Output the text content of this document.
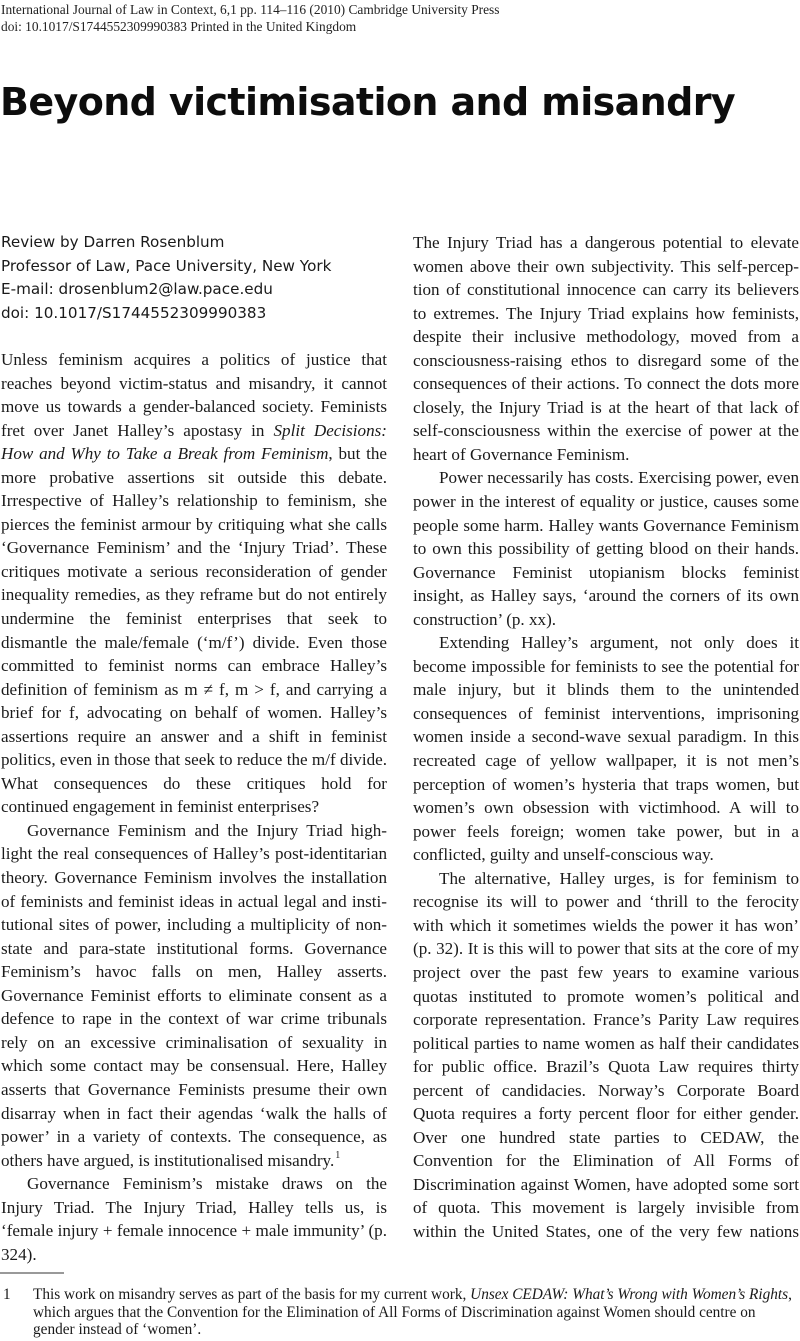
International Journal of Law in Context, 6,1 pp. 114–116 (2010) Cambridge University Press
doi: 10.1017/S1744552309990383 Printed in the United Kingdom
Beyond victimisation and misandry
Review by Darren Rosenblum
Professor of Law, Pace University, New York
E-mail: drosenblum2@law.pace.edu
doi: 10.1017/S1744552309990383

Unless feminism acquires a politics of justice that reaches beyond victim-status and misandry, it cannot move us towards a gender-balanced society. Feminists fret over Janet Halley’s apostasy in Split Decisions: How and Why to Take a Break from Feminism, but the more probative assertions sit outside this debate. Irrespective of Halley’s relationship to feminism, she pierces the feminist armour by critiquing what she calls ‘Governance Feminism’ and the ‘Injury Triad’. These critiques motivate a serious reconsideration of gender inequality remedies, as they reframe but do not entirely undermine the feminist enterprises that seek to dismantle the male/female (‘m/f’) divide. Even those committed to feminist norms can embrace Halley’s definition of feminism as m ≠ f, m > f, and carrying a brief for f, advocating on behalf of women. Halley’s assertions require an answer and a shift in feminist politics, even in those that seek to reduce the m/f divide. What consequences do these critiques hold for continued engagement in feminist enterprises?

Governance Feminism and the Injury Triad highlight the real consequences of Halley’s post-identitarian theory. Governance Feminism involves the installation of feminists and feminist ideas in actual legal and institutional sites of power, including a multiplicity of non-state and para-state institutional forms. Governance Feminism’s havoc falls on men, Halley asserts. Governance Feminist efforts to eliminate consent as a defence to rape in the context of war crime tribunals rely on an excessive criminalisation of sexuality in which some contact may be consensual. Here, Halley asserts that Governance Feminists presume their own disarray when in fact their agendas ‘walk the halls of power’ in a variety of contexts. The consequence, as others have argued, is institutionalised misandry.$^1$

Governance Feminism’s mistake draws on the Injury Triad. The Injury Triad, Halley tells us, is ‘female injury + female innocence + male immunity’ (p. 324).

The Injury Triad has a dangerous potential to elevate women above their own subjectivity. This self-perception of constitutional innocence can carry its believers to extremes. The Injury Triad explains how feminists, despite their inclusive methodology, moved from a consciousness-raising ethos to disregard some of the consequences of their actions. To connect the dots more closely, the Injury Triad is at the heart of that lack of self-consciousness within the exercise of power at the heart of Governance Feminism.

Power necessarily has costs. Exercising power, even power in the interest of equality or justice, causes some people some harm. Halley wants Governance Feminism to own this possibility of getting blood on their hands. Governance Feminist utopianism blocks feminist insight, as Halley says, ‘around the corners of its own construction’ (p. xx).

Extending Halley’s argument, not only does it become impossible for feminists to see the potential for male injury, but it blinds them to the unintended consequences of feminist interventions, imprisoning women inside a second-wave sexual paradigm. In this recreated cage of yellow wallpaper, it is not men’s perception of women’s hysteria that traps women, but women’s own obsession with victimhood. A will to power feels foreign; women take power, but in a conflicted, guilty and unself-conscious way.

The alternative, Halley urges, is for feminism to recognise its will to power and ‘thrill to the ferocity with which it sometimes wields the power it has won’ (p. 32). It is this will to power that sits at the core of my project over the past few years to examine various quotas instituted to promote women’s political and corporate representation. France’s Parity Law requires political parties to name women as half their candidates for public office. Brazil’s Quota Law requires thirty percent of candidacies. Norway’s Corporate Board Quota requires a forty percent floor for either gender. Over one hundred state parties to CEDAW, the Convention for the Elimination of All Forms of Discrimination against Women, have adopted some sort of quota. This movement is largely invisible from within the United States, one of the very few nations

1 This work on misandry serves as part of the basis for my current work, Unsex CEDAW: What’s Wrong with Women’s Rights, which argues that the Convention for the Elimination of All Forms of Discrimination against Women should centre on gender instead of ‘women’.
